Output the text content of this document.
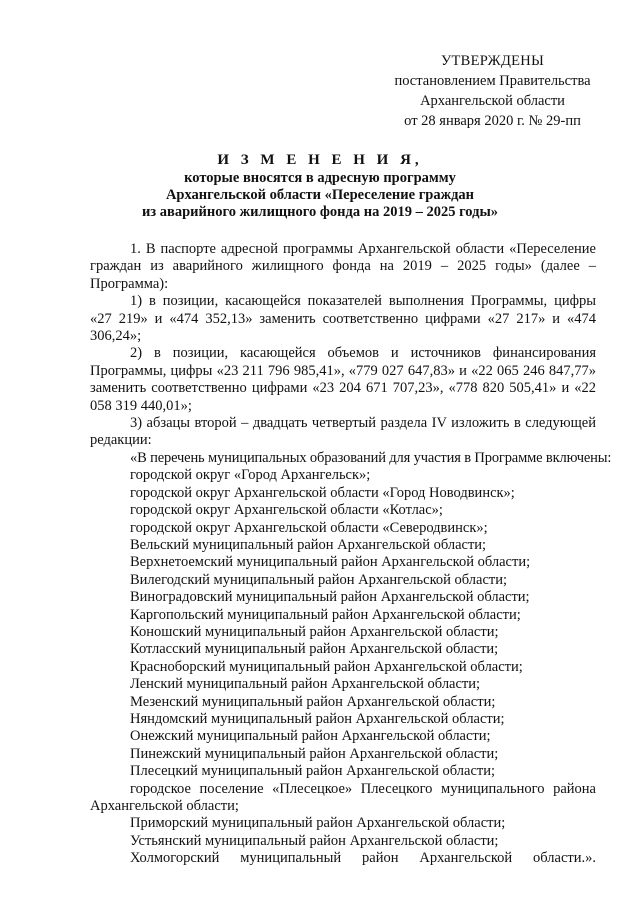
УТВЕРЖДЕНЫ
постановлением Правительства
Архангельской области
от 28 января 2020 г. № 29-пп
И З М Е Н Е Н И Я,
которые вносятся в адресную программу
Архангельской области «Переселение граждан
из аварийного жилищного фонда на 2019 – 2025 годы»

1. В паспорте адресной программы Архангельской области «Переселение граждан из аварийного жилищного фонда на 2019 – 2025 годы» (далее – Программа):

1) в позиции, касающейся показателей выполнения Программы, цифры «27 219» и «474 352,13» заменить соответственно цифрами «27 217» и «474 306,24»;

2) в позиции, касающейся объемов и источников финансирования Программы, цифры «23 211 796 985,41», «779 027 647,83» и «22 065 246 847,77» заменить соответственно цифрами «23 204 671 707,23», «778 820 505,41» и «22 058 319 440,01»;

3) абзацы второй – двадцать четвертый раздела IV изложить в следующей редакции:

«В перечень муниципальных образований для участия в Программе включены:
городской округ «Город Архангельск»;
городской округ Архангельской области «Город Новодвинск»;
городской округ Архангельской области «Котлас»;
городской округ Архангельской области «Северодвинск»;
Вельский муниципальный район Архангельской области;
Верхнетоемский муниципальный район Архангельской области;
Вилегодский муниципальный район Архангельской области;
Виноградовский муниципальный район Архангельской области;
Каргопольский муниципальный район Архангельской области;
Коношский муниципальный район Архангельской области;
Котласский муниципальный район Архангельской области;
Красноборский муниципальный район Архангельской области;
Ленский муниципальный район Архангельской области;
Мезенский муниципальный район Архангельской области;
Няндомский муниципальный район Архангельской области;
Онежский муниципальный район Архангельской области;
Пинежский муниципальный район Архангельской области;
Плесецкий муниципальный район Архангельской области;

городское поселение «Плесецкое» Плесецкого муниципального района Архангельской области;

Приморский муниципальный район Архангельской области;
Устьянский муниципальный район Архангельской области;

Холмогорский муниципальный район Архангельской области.».
